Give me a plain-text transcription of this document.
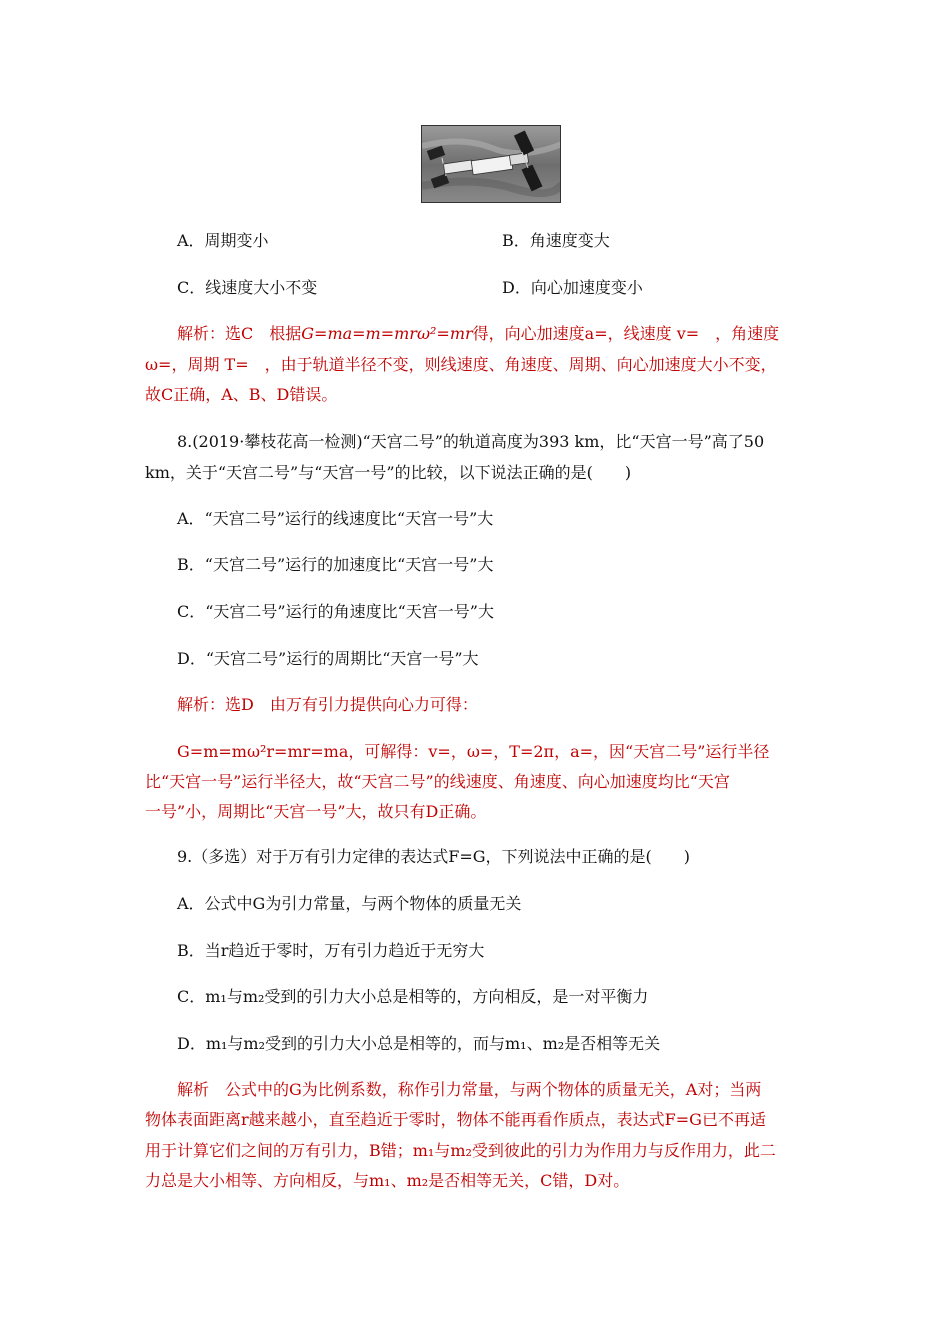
A．周期变小	B．角速度变大
C．线速度大小不变	D．向心加速度变小
解析：选C　根据G=ma=m=mrω²=mr得，向心加速度a=，线速度 v=　，角速度
ω=，周期 T=　，由于轨道半径不变，则线速度、角速度、周期、向心加速度大小不变，
故C正确，A、B、D错误。
8.(2019·攀枝花高一检测)“天宫二号”的轨道高度为393 km，比“天宫一号”高了50
km，关于“天宫二号”与“天宫一号”的比较，以下说法正确的是(　　)
A．“天宫二号”运行的线速度比“天宫一号”大
B．“天宫二号”运行的加速度比“天宫一号”大
C．“天宫二号”运行的角速度比“天宫一号”大
D．“天宫二号”运行的周期比“天宫一号”大
解析：选D　由万有引力提供向心力可得：
G=m=mω²r=mr=ma，可解得：v=，ω=，T=2π，a=，因“天宫二号”运行半径
比“天宫一号”运行半径大，故“天宫二号”的线速度、角速度、向心加速度均比“天宫
一号”小，周期比“天宫一号”大，故只有D正确。
9.（多选）对于万有引力定律的表达式F=G，下列说法中正确的是(　　)
A．公式中G为引力常量，与两个物体的质量无关
B．当r趋近于零时，万有引力趋近于无穷大
C．m₁与m₂受到的引力大小总是相等的，方向相反，是一对平衡力
D．m₁与m₂受到的引力大小总是相等的，而与m₁、m₂是否相等无关
解析　公式中的G为比例系数，称作引力常量，与两个物体的质量无关，A对；当两
物体表面距离r越来越小，直至趋近于零时，物体不能再看作质点，表达式F=G已不再适
用于计算它们之间的万有引力，B错；m₁与m₂受到彼此的引力为作用力与反作用力，此二
力总是大小相等、方向相反，与m₁、m₂是否相等无关，C错，D对。
